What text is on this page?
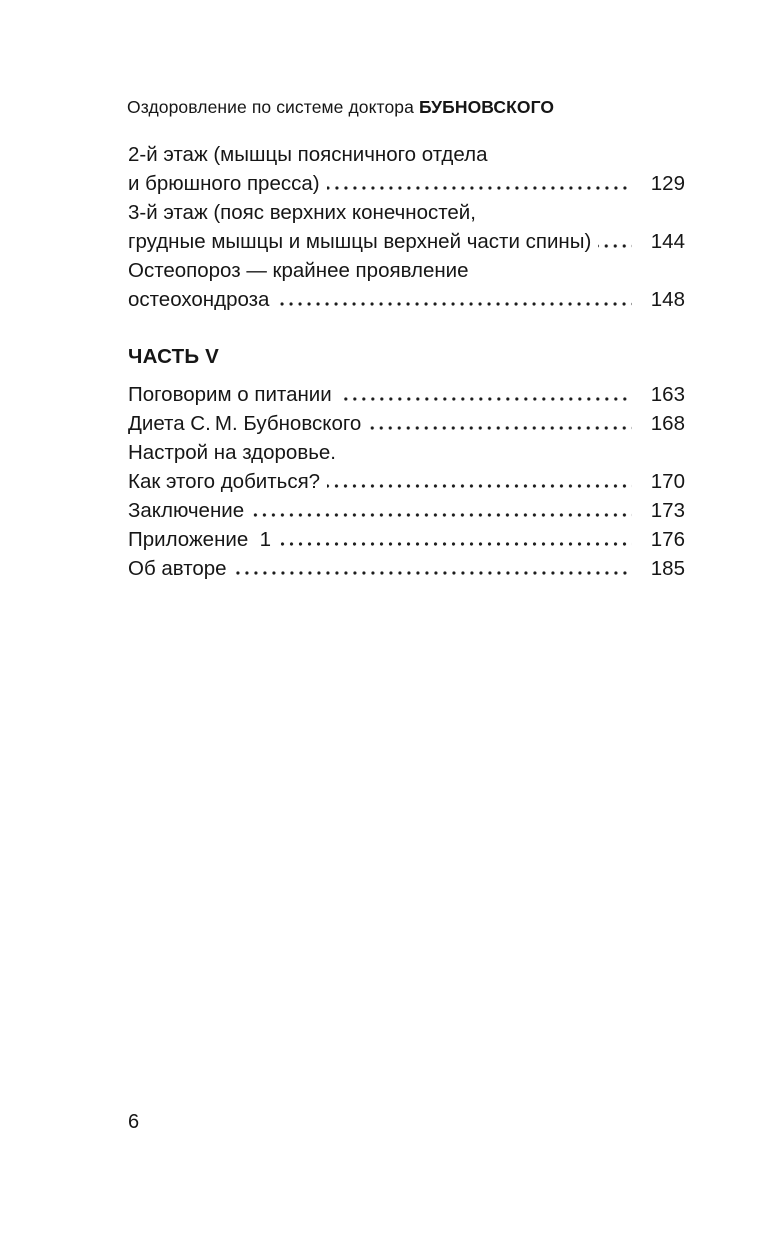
Оздоровление по системе доктора БУБНОВСКОГО
2-й этаж (мышцы поясничного отдела
и брюшного пресса)	129
3-й этаж (пояс верхних конечностей,
грудные мышцы и мышцы верхней части спины)	144
Остеопороз — крайнее проявление
остеохондроза	148
ЧАСТЬ V
Поговорим о питании	163
Диета С. М. Бубновского	168
Настрой на здоровье.
Как этого добиться?	170
Заключение	173
Приложение  1	176
Об авторе	185
6
